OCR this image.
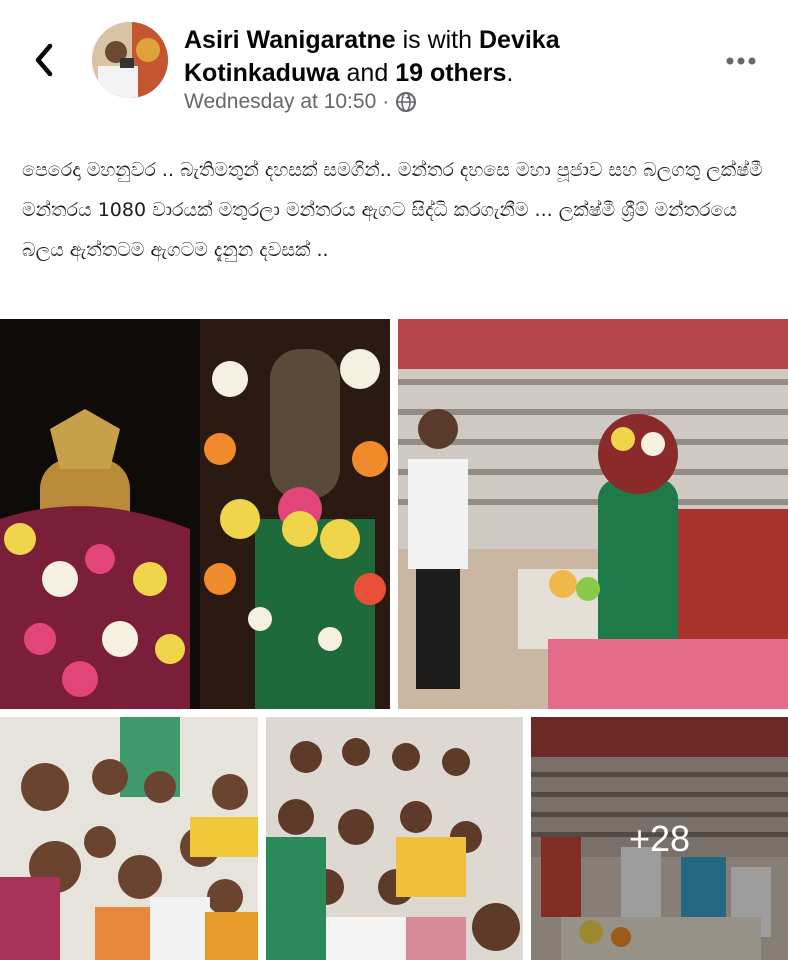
Asiri Wanigaratne is with Devika Kotinkaduwa and 19 others.
Wednesday at 10:50 ·
පෙරෙදා මහනුවර .. බැතිමතුන් දහසක් සමගින්.. මන්තර දහසෙ මහා පූජාව සහ බලගතු ලක්ෂ්මී මන්තරය 1080 වාරයක් මතුරලා මන්තරය ඇගට සිද්ධි කරගැනීම ... ලක්ෂ්මී ශ්‍රීම් මන්තරයෙ බලය ඇත්තටම ඇගටම දැනුන දවසක් ..
+28
